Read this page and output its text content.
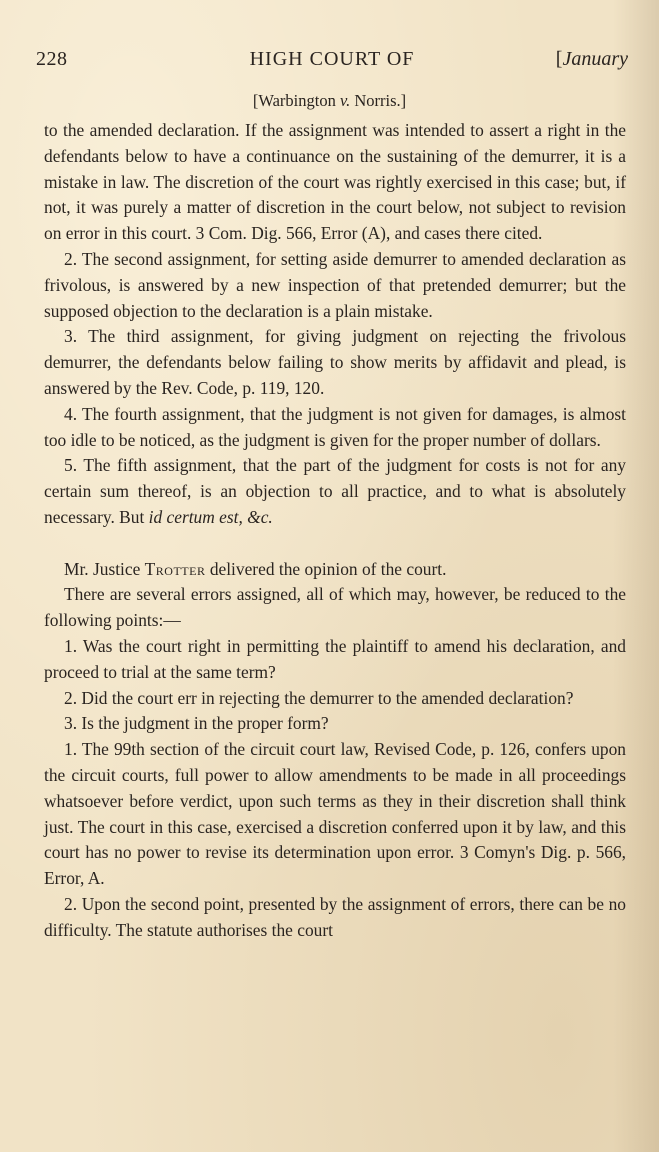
228	HIGH COURT OF	[January
[Warbington v. Norris.]

to the amended declaration. If the assignment was intended to assert a right in the defendants below to have a continuance on the sustaining of the demurrer, it is a mistake in law. The discretion of the court was rightly exercised in this case; but, if not, it was purely a matter of discretion in the court below, not subject to revision on error in this court. 3 Com. Dig. 566, Error (A), and cases there cited.

2. The second assignment, for setting aside demurrer to amended declaration as frivolous, is answered by a new inspection of that pretended demurrer; but the supposed objection to the declaration is a plain mistake.

3. The third assignment, for giving judgment on rejecting the frivolous demurrer, the defendants below failing to show merits by affidavit and plead, is answered by the Rev. Code, p. 119, 120.

4. The fourth assignment, that the judgment is not given for damages, is almost too idle to be noticed, as the judgment is given for the proper number of dollars.

5. The fifth assignment, that the part of the judgment for costs is not for any certain sum thereof, is an objection to all practice, and to what is absolutely necessary. But id certum est, &c.

Mr. Justice Trotter delivered the opinion of the court.

There are several errors assigned, all of which may, however, be reduced to the following points:—

1. Was the court right in permitting the plaintiff to amend his declaration, and proceed to trial at the same term?

2. Did the court err in rejecting the demurrer to the amended declaration?

3. Is the judgment in the proper form?

1. The 99th section of the circuit court law, Revised Code, p. 126, confers upon the circuit courts, full power to allow amendments to be made in all proceedings whatsoever before verdict, upon such terms as they in their discretion shall think just. The court in this case, exercised a discretion conferred upon it by law, and this court has no power to revise its determination upon error. 3 Comyn's Dig. p. 566, Error, A.

2. Upon the second point, presented by the assignment of errors, there can be no difficulty. The statute authorises the court
